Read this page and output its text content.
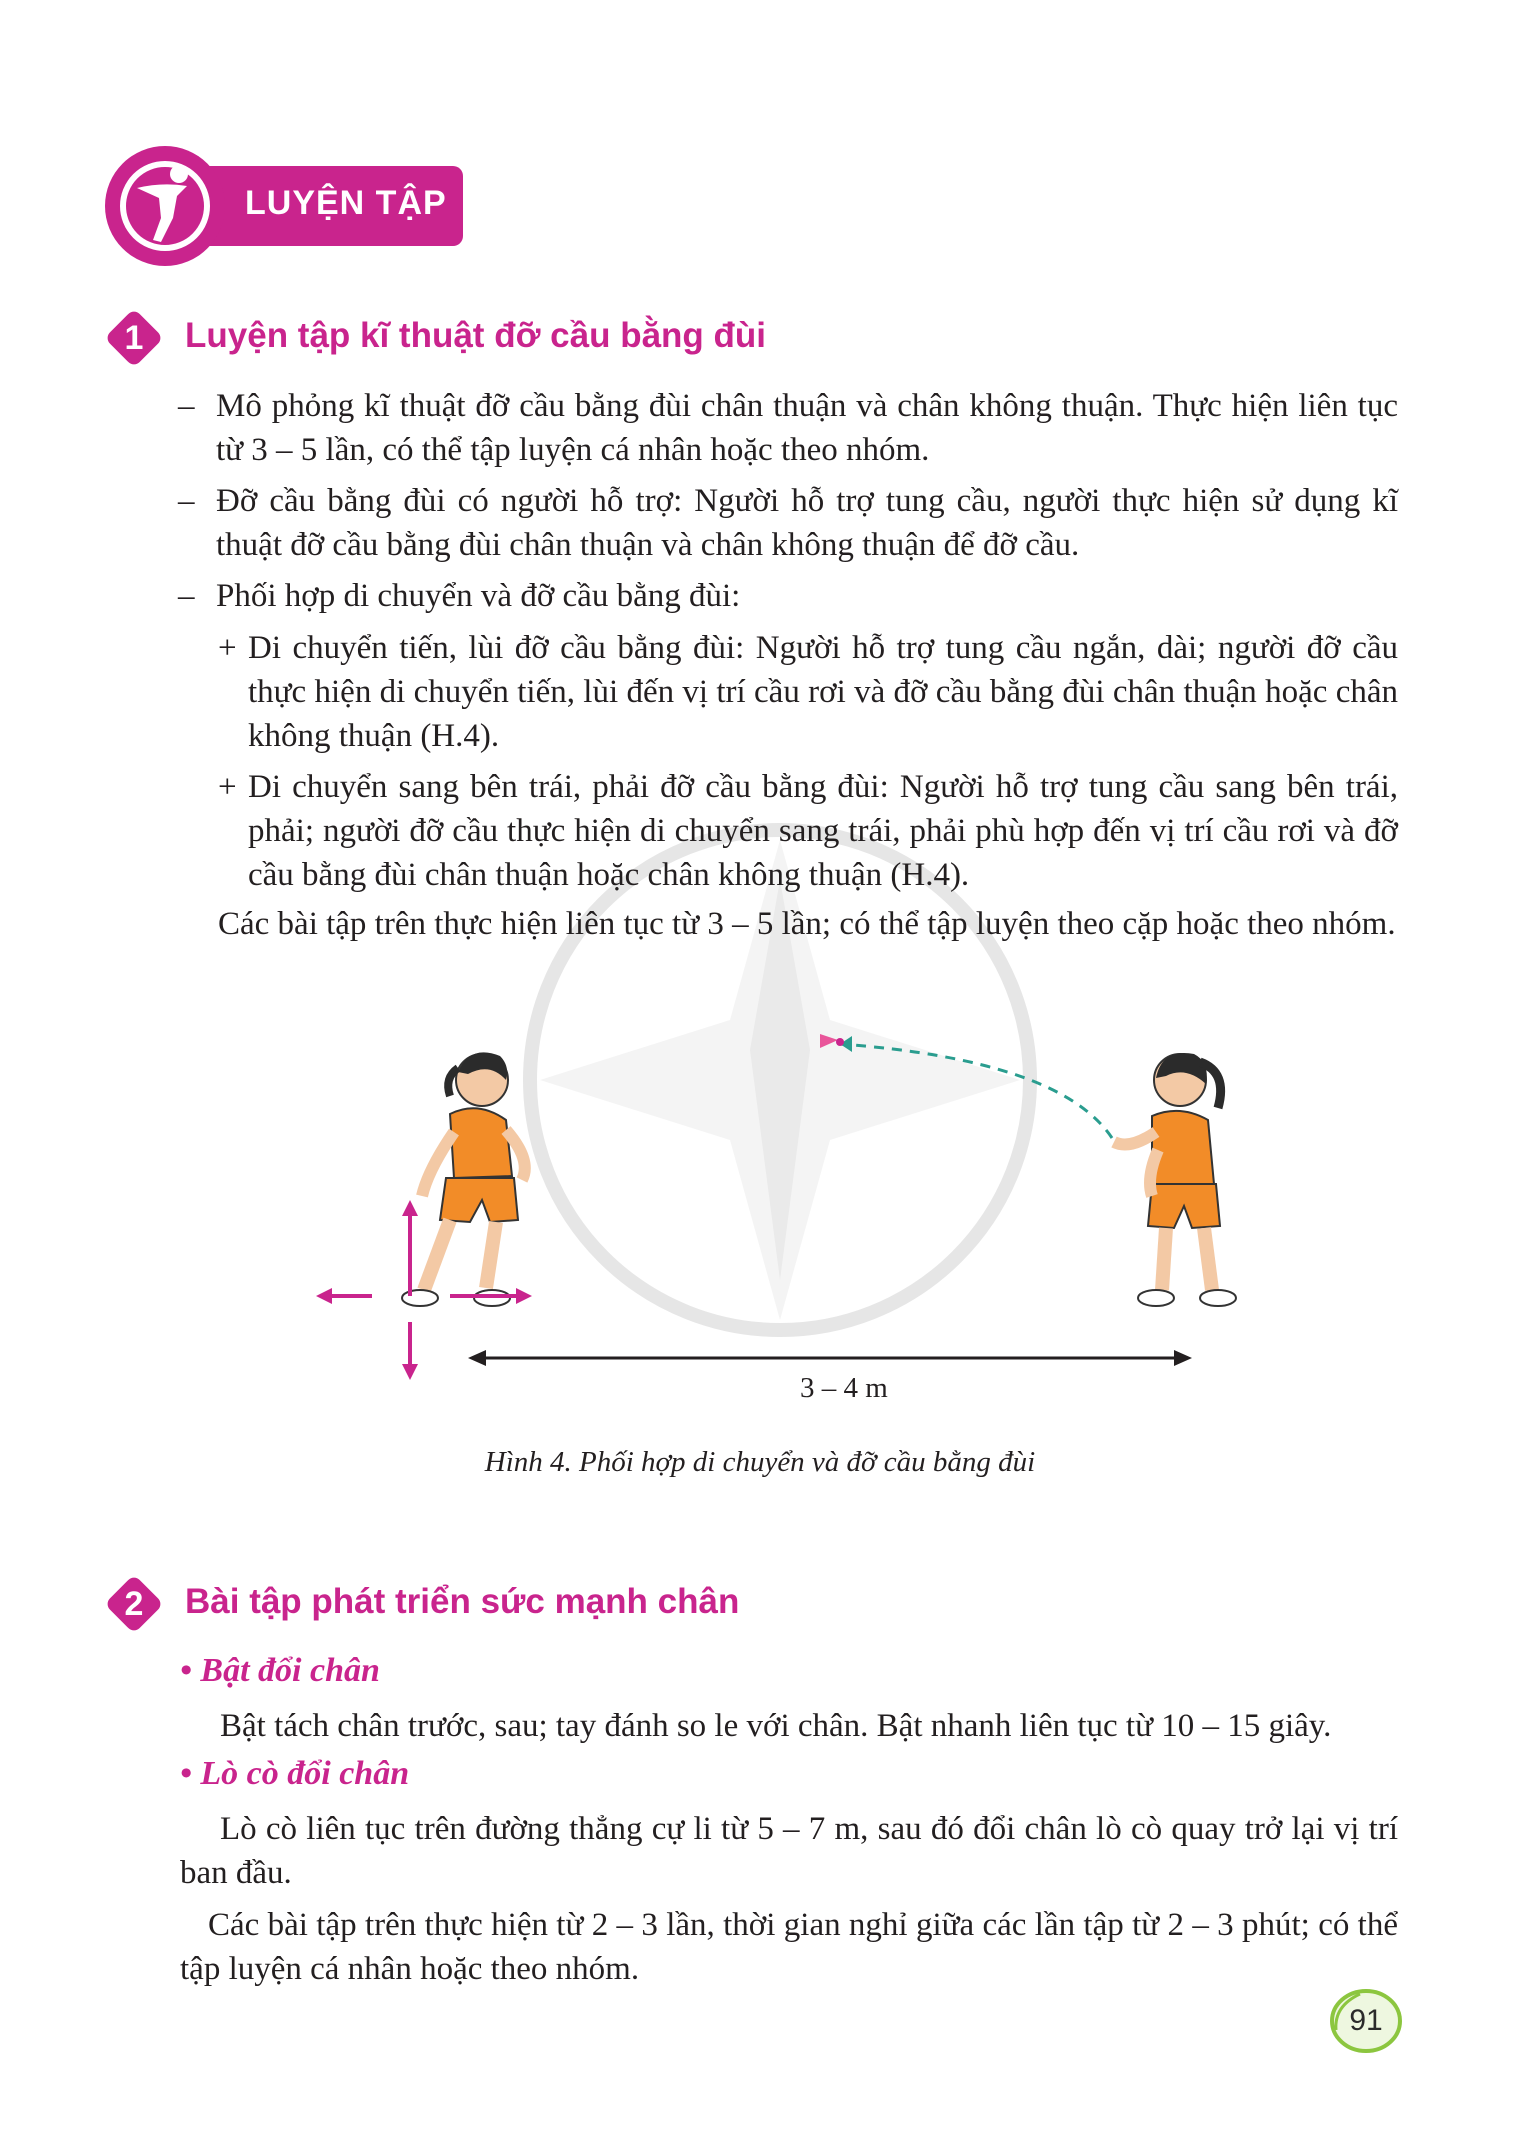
LUYỆN TẬP
1	Luyện tập kĩ thuật đỡ cầu bằng đùi
– Mô phỏng kĩ thuật đỡ cầu bằng đùi chân thuận và chân không thuận. Thực hiện liên tục từ 3 – 5 lần, có thể tập luyện cá nhân hoặc theo nhóm.
– Đỡ cầu bằng đùi có người hỗ trợ: Người hỗ trợ tung cầu, người thực hiện sử dụng kĩ thuật đỡ cầu bằng đùi chân thuận và chân không thuận để đỡ cầu.
– Phối hợp di chuyển và đỡ cầu bằng đùi:
+ Di chuyển tiến, lùi đỡ cầu bằng đùi: Người hỗ trợ tung cầu ngắn, dài; người đỡ cầu thực hiện di chuyển tiến, lùi đến vị trí cầu rơi và đỡ cầu bằng đùi chân thuận hoặc chân không thuận (H.4).
+ Di chuyển sang bên trái, phải đỡ cầu bằng đùi: Người hỗ trợ tung cầu sang bên trái, phải; người đỡ cầu thực hiện di chuyển sang trái, phải phù hợp đến vị trí cầu rơi và đỡ cầu bằng đùi chân thuận hoặc chân không thuận (H.4).
Các bài tập trên thực hiện liên tục từ 3 – 5 lần; có thể tập luyện theo cặp hoặc theo nhóm.
3 – 4 m
Hình 4. Phối hợp di chuyển và đỡ cầu bằng đùi
2	Bài tập phát triển sức mạnh chân
• Bật đổi chân
Bật tách chân trước, sau; tay đánh so le với chân. Bật nhanh liên tục từ 10 – 15 giây.
• Lò cò đổi chân
Lò cò liên tục trên đường thẳng cự li từ 5 – 7 m, sau đó đổi chân lò cò quay trở lại vị trí ban đầu.
Các bài tập trên thực hiện từ 2 – 3 lần, thời gian nghỉ giữa các lần tập từ 2 – 3 phút; có thể tập luyện cá nhân hoặc theo nhóm.
91
